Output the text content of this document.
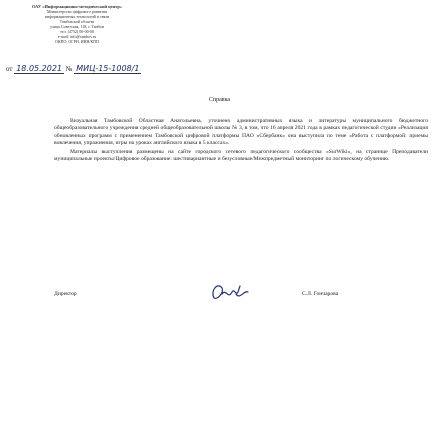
ОАУ «Информационно-методический центр»
Министерство цифрового развития
информационных технологий и связи
Тамбовской области
улица Советская, 118, г. Тамбов
тел. (4752) 00-00-00
e-mail: info@tambov.ru
ОКПО, ОГРН, ИНН/КПП
от 18.05.2021 № МИЦ-15-1008/1
Справка

Визуальная Тамбовской Областная Анатольевна, уточнено административных языка и литературы муниципального бюджетного общеобразовательного учреждения средней общеобразовательной школы № 3, в том, что 16 апреля 2021 года в рамках педагогической студии «Реализация обновленных программ с применением Тамбовской цифровой платформы ПАО «Сбербанк» она выступила по теме «Работа с платформой: приемы вовлечения, упражнения, игры на уроках английского языка в 5 классах».

Материалы выступления размещены на сайте городского сетевого педагогического сообщества «SurWiki», на странице Преподаватели муниципальные проекты/Цифровое образование: шестивариантные и безусловные/Межпредметный мониторинг по логическому обучению.

Директор	С.Л. Гончарова
